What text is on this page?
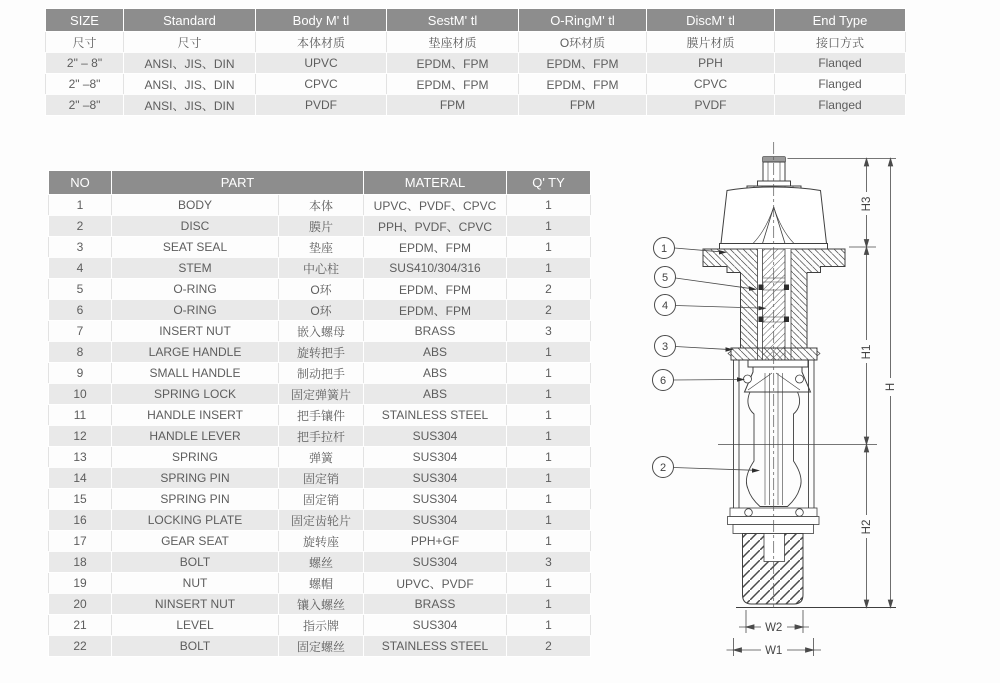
SIZE	Standard	Body M' tl	SestM' tl	O-RingM' tl	DiscM' tl	End Type
尺寸	尺寸	本体材质	垫座材质	O环材质	膜片材质	接口方式
2" – 8"	ANSI、JIS、DIN	UPVC	EPDM、FPM	EPDM、FPM	PPH	Flanqed
2" –8"	ANSI、JIS、DIN	CPVC	EPDM、FPM	EPDM、FPM	CPVC	Flanged
2" –8"	ANSI、JIS、DIN	PVDF	FPM	FPM	PVDF	Flanged
NO	PART		MATERAL	Q' TY
1	BODY	本体	UPVC、PVDF、CPVC	1
2	DISC	膜片	PPH、PVDF、CPVC	1
3	SEAT SEAL	垫座	EPDM、FPM	1
4	STEM	中心柱	SUS410/304/316	1
5	O-RING	O环	EPDM、FPM	2
6	O-RING	O环	EPDM、FPM	2
7	INSERT NUT	嵌入螺母	BRASS	3
8	LARGE HANDLE	旋转把手	ABS	1
9	SMALL HANDLE	制动把手	ABS	1
10	SPRING LOCK	固定弹簧片	ABS	1
11	HANDLE INSERT	把手镶件	STAINLESS STEEL	1
12	HANDLE LEVER	把手拉杆	SUS304	1
13	SPRING	弹簧	SUS304	1
14	SPRING PIN	固定销	SUS304	1
15	SPRING PIN	固定销	SUS304	1
16	LOCKING PLATE	固定齿轮片	SUS304	1
17	GEAR SEAT	旋转座	PPH+GF	1
18	BOLT	螺丝	SUS304	3
19	NUT	螺帽	UPVC、PVDF	1
20	NINSERT NUT	镶入螺丝	BRASS	1
21	LEVEL	指示牌	SUS304	1
22	BOLT	固定螺丝	STAINLESS STEEL	2
H3
H1
H2
H
W2
W1
1
5
4
3
6
2
